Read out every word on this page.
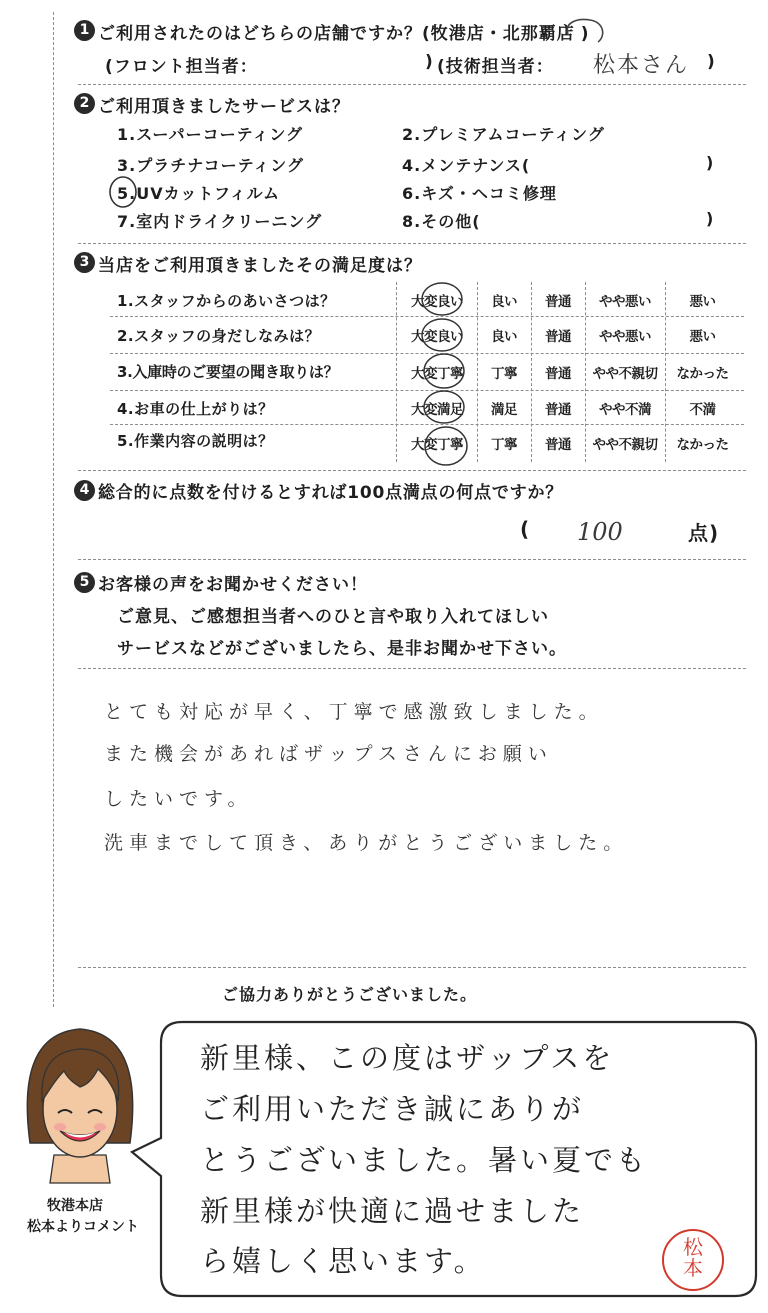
1 ご利用されたのはどちらの店舗ですか？(牧港店・北那覇店 )
(フロント担当者：	) (技術担当者： 松本さん )
2 ご利用頂きましたサービスは？
1.スーパーコーティング	2.プレミアムコーティング
3.プラチナコーティング	4.メンテナンス(	)
5.UVカットフィルム	6.キズ・ヘコミ修理
7.室内ドライクリーニング	8.その他(	)
3 当店をご利用頂きましたその満足度は？
1.スタッフからのあいさつは？	大変良い	良い	普通	やや悪い	悪い
2.スタッフの身だしなみは？	大変良い	良い	普通	やや悪い	悪い
3.入庫時のご要望の聞き取りは？	大変丁寧	丁寧	普通	やや不親切	なかった
4.お車の仕上がりは？	大変満足	満足	普通	やや不満	不満
5.作業内容の説明は？	大変丁寧	丁寧	普通	やや不親切	なかった
4 総合的に点数を付けるとすれば100点満点の何点ですか？
( 100	点)
5 お客様の声をお聞かせください！
ご意見、ご感想担当者へのひと言や取り入れてほしい
サービスなどがございましたら、是非お聞かせ下さい。
とても対応が早く、丁寧で感激致しました。
また機会があればザップスさんにお願い
したいです。
洗車までして頂き、ありがとうございました。
ご協力ありがとうございました。
牧港本店
松本よりコメント
新里様、この度はザップスを
ご利用いただき誠にありが
とうございました。暑い夏でも
新里様が快適に過せました
ら嬉しく思います。	松
本
